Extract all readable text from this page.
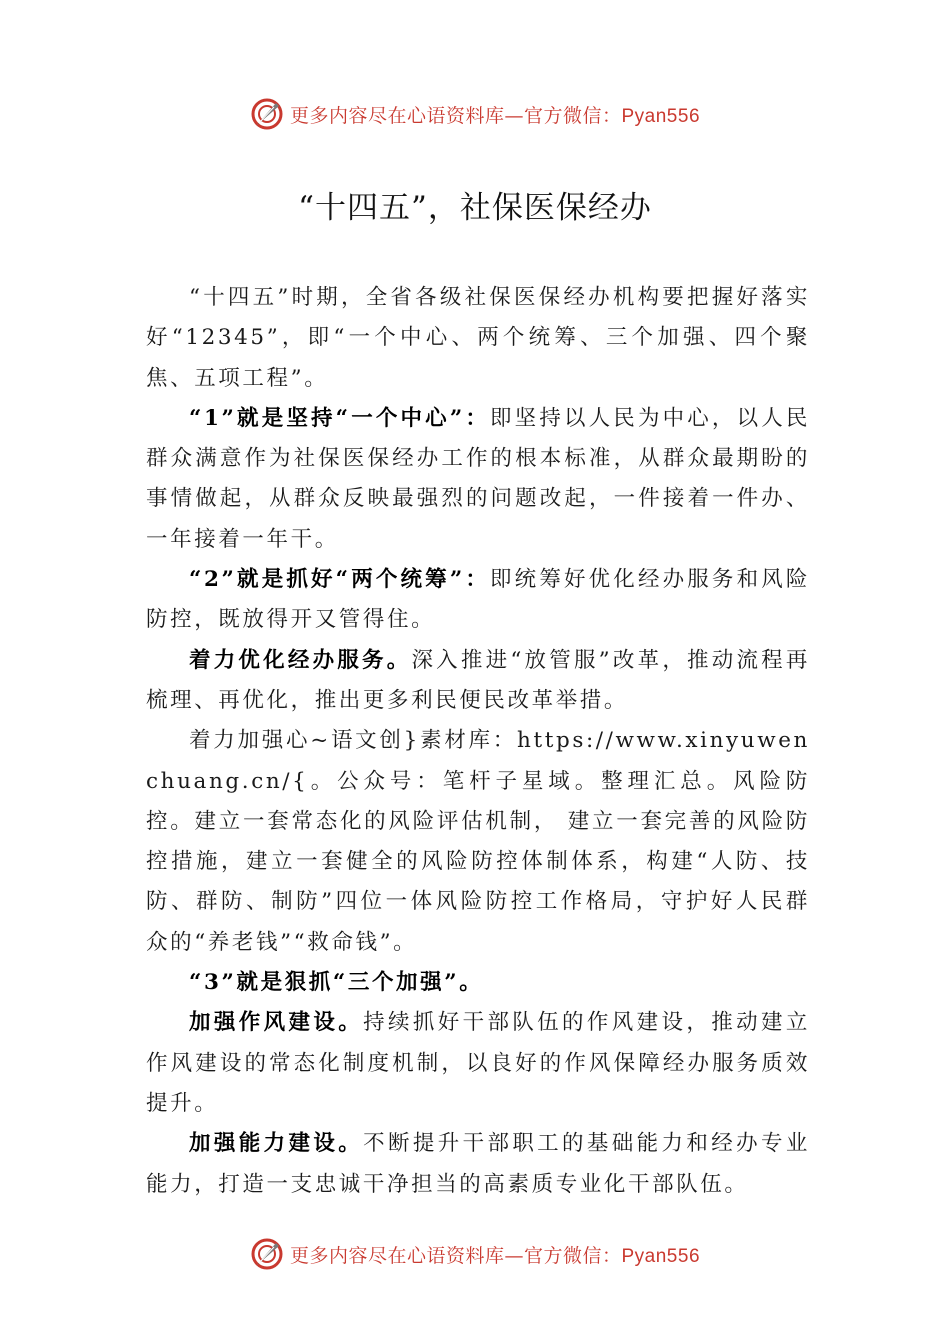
更多内容尽在心语资料库—官方微信：Pyan556
“十四五”，社保医保经办

“十四五”时期，全省各级社保医保经办机构要把握好落实好“12345”，即“一个中心、两个统筹、三个加强、四个聚焦、五项工程”。

“1”就是坚持“一个中心”：即坚持以人民为中心，以人民群众满意作为社保医保经办工作的根本标准，从群众最期盼的事情做起，从群众反映最强烈的问题改起，一件接着一件办、一年接着一年干。

“2”就是抓好“两个统筹”：即统筹好优化经办服务和风险防控，既放得开又管得住。

着力优化经办服务。深入推进“放管服”改革，推动流程再梳理、再优化，推出更多利民便民改革举措。

着力加强心~语文创}素材库：https://www.xinyuwenchuang.cn/{。公众号：笔杆子星域。整理汇总。风险防控。建立一套常态化的风险评估机制， 建立一套完善的风险防控措施，建立一套健全的风险防控体制体系，构建“人防、技防、群防、制防”四位一体风险防控工作格局，守护好人民群众的“养老钱”“救命钱”。

“3”就是狠抓“三个加强”。

加强作风建设。持续抓好干部队伍的作风建设，推动建立作风建设的常态化制度机制，以良好的作风保障经办服务质效提升。

加强能力建设。不断提升干部职工的基础能力和经办专业能力，打造一支忠诚干净担当的高素质专业化干部队伍。

更多内容尽在心语资料库—官方微信：Pyan556
